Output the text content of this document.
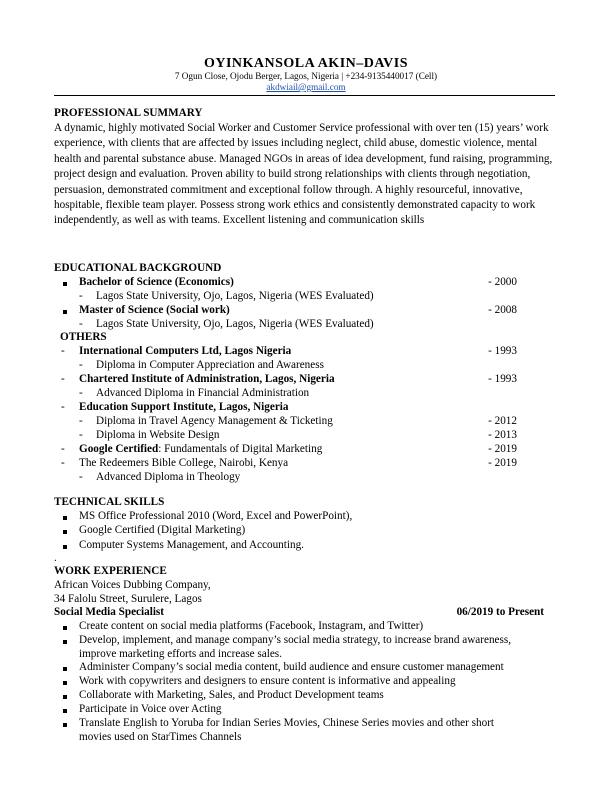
OYINKANSOLA AKIN–DAVIS
7 Ogun Close, Ojodu Berger, Lagos, Nigeria | +234-9135440017 (Cell)
akdwiail@gmail.com
PROFESSIONAL SUMMARY
A dynamic, highly motivated Social Worker and Customer Service professional with over ten (15) years’ work experience, with clients that are affected by issues including neglect, child abuse, domestic violence, mental health and parental substance abuse. Managed NGOs in areas of idea development, fund raising, programming, project design and evaluation. Proven ability to build strong relationships with clients through negotiation, persuasion, demonstrated commitment and exceptional follow through. A highly resourceful, innovative, hospitable, flexible team player. Possess strong work ethics and consistently demonstrated capacity to work independently, as well as with teams. Excellent listening and communication skills
EDUCATIONAL BACKGROUND
Bachelor of Science (Economics)	- 2000
- Lagos State University, Ojo, Lagos, Nigeria (WES Evaluated)
Master of Science (Social work)	- 2008
- Lagos State University, Ojo, Lagos, Nigeria (WES Evaluated)
OTHERS
- International Computers Ltd, Lagos Nigeria	- 1993
- Diploma in Computer Appreciation and Awareness
- Chartered Institute of Administration, Lagos, Nigeria	- 1993
- Advanced Diploma in Financial Administration
- Education Support Institute, Lagos, Nigeria
- Diploma in Travel Agency Management & Ticketing	- 2012
- Diploma in Website Design	- 2013
- Google Certified: Fundamentals of Digital Marketing	- 2019
- The Redeemers Bible College, Nairobi, Kenya	- 2019
- Advanced Diploma in Theology
TECHNICAL SKILLS
MS Office Professional 2010 (Word, Excel and PowerPoint),
Google Certified (Digital Marketing)
Computer Systems Management, and Accounting.
.
WORK EXPERIENCE
African Voices Dubbing Company,
34 Falolu Street, Surulere, Lagos
Social Media Specialist	06/2019 to Present
Create content on social media platforms (Facebook, Instagram, and Twitter)
Develop, implement, and manage company’s social media strategy, to increase brand awareness,
improve marketing efforts and increase sales.
Administer Company’s social media content, build audience and ensure customer management
Work with copywriters and designers to ensure content is informative and appealing
Collaborate with Marketing, Sales, and Product Development teams
Participate in Voice over Acting
Translate English to Yoruba for Indian Series Movies, Chinese Series movies and other short
movies used on StarTimes Channels
